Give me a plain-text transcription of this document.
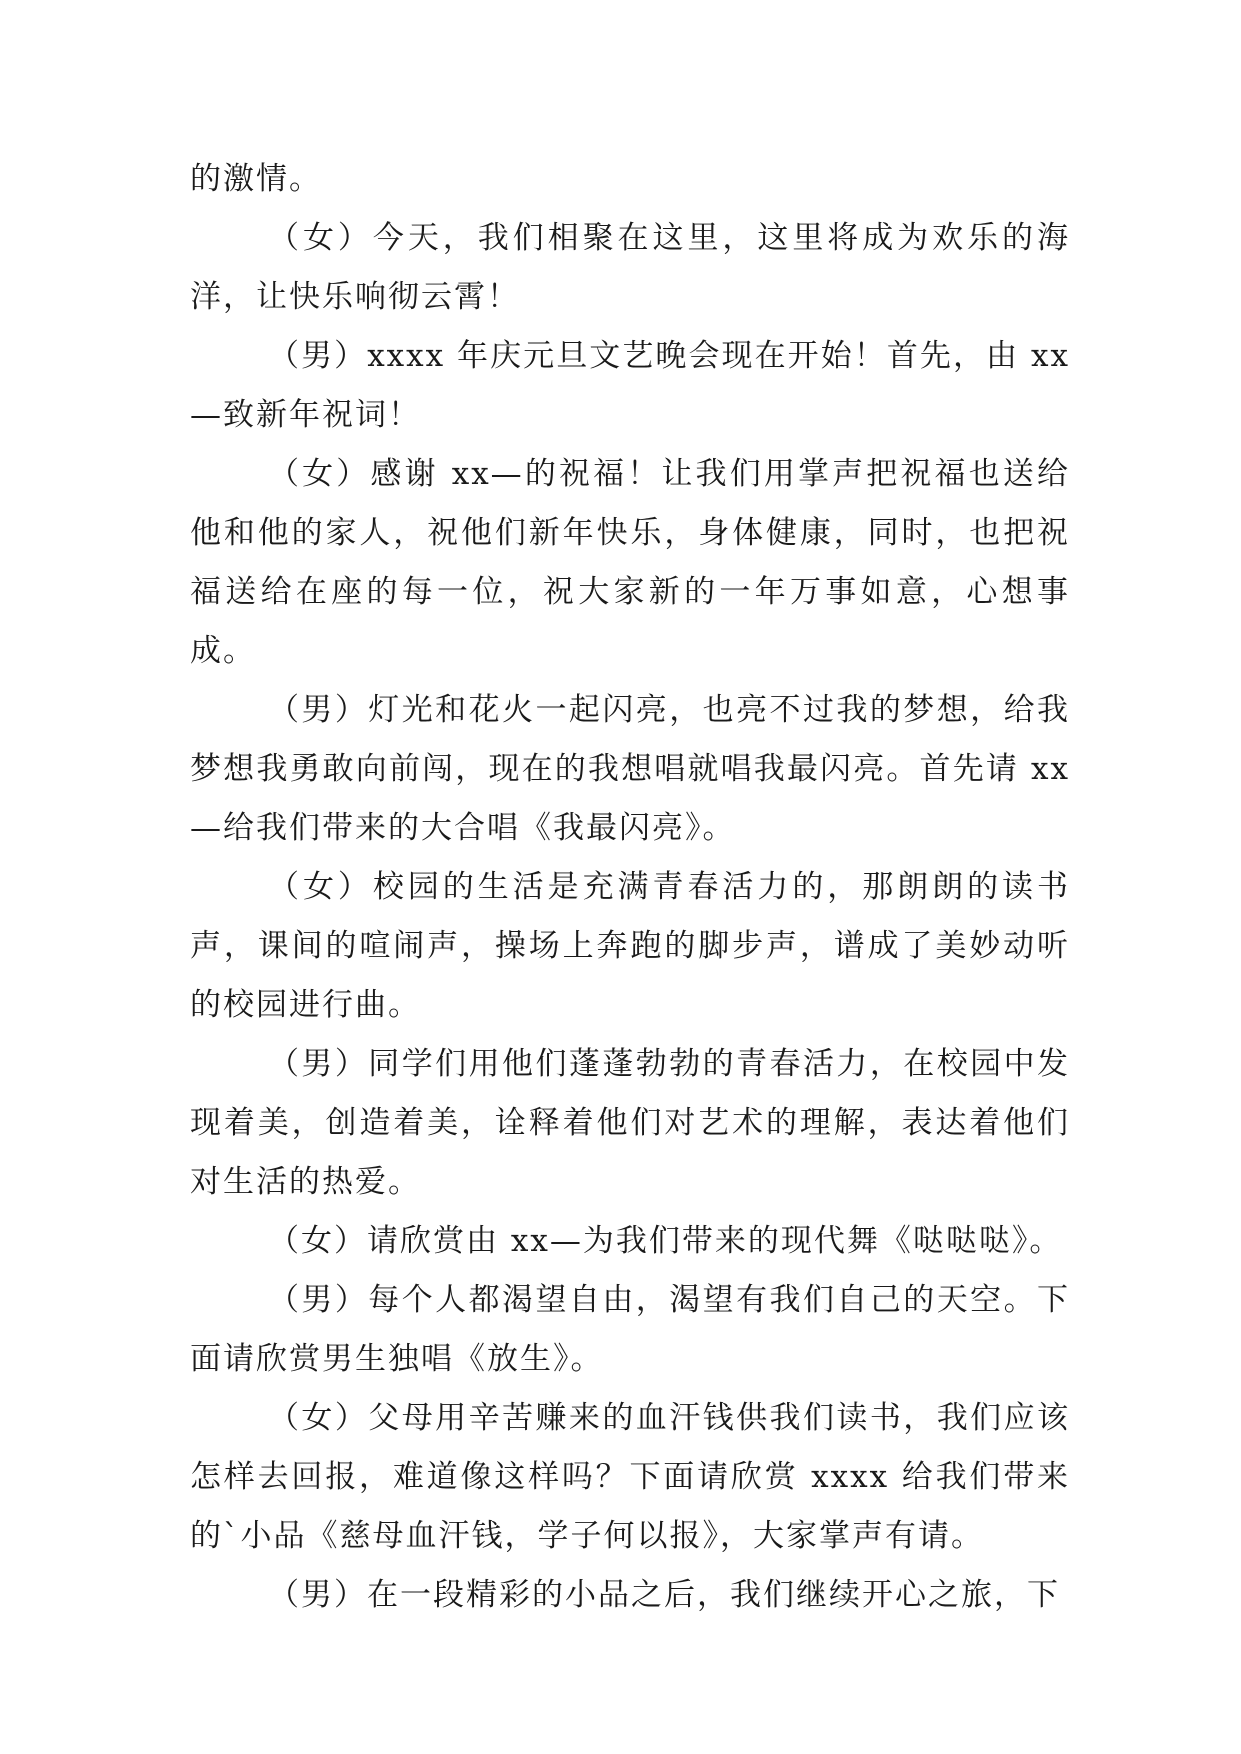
的激情。

（女）今天，我们相聚在这里，这里将成为欢乐的海洋，让快乐响彻云霄！

（男）xxxx 年庆元旦文艺晚会现在开始！首先，由 xx—致新年祝词！

（女）感谢 xx—的祝福！让我们用掌声把祝福也送给他和他的家人，祝他们新年快乐，身体健康，同时，也把祝福送给在座的每一位，祝大家新的一年万事如意，心想事成。

（男）灯光和花火一起闪亮，也亮不过我的梦想，给我梦想我勇敢向前闯，现在的我想唱就唱我最闪亮。首先请 xx—给我们带来的大合唱《我最闪亮》。

（女）校园的生活是充满青春活力的，那朗朗的读书声，课间的喧闹声，操场上奔跑的脚步声，谱成了美妙动听的校园进行曲。

（男）同学们用他们蓬蓬勃勃的青春活力，在校园中发现着美，创造着美，诠释着他们对艺术的理解，表达着他们对生活的热爱。

（女）请欣赏由 xx—为我们带来的现代舞《哒哒哒》。

（男）每个人都渴望自由，渴望有我们自己的天空。下面请欣赏男生独唱《放生》。

（女）父母用辛苦赚来的血汗钱供我们读书，我们应该怎样去回报，难道像这样吗？下面请欣赏 xxxx 给我们带来的`小品《慈母血汗钱，学子何以报》，大家掌声有请。

（男）在一段精彩的小品之后，我们继续开心之旅，下
